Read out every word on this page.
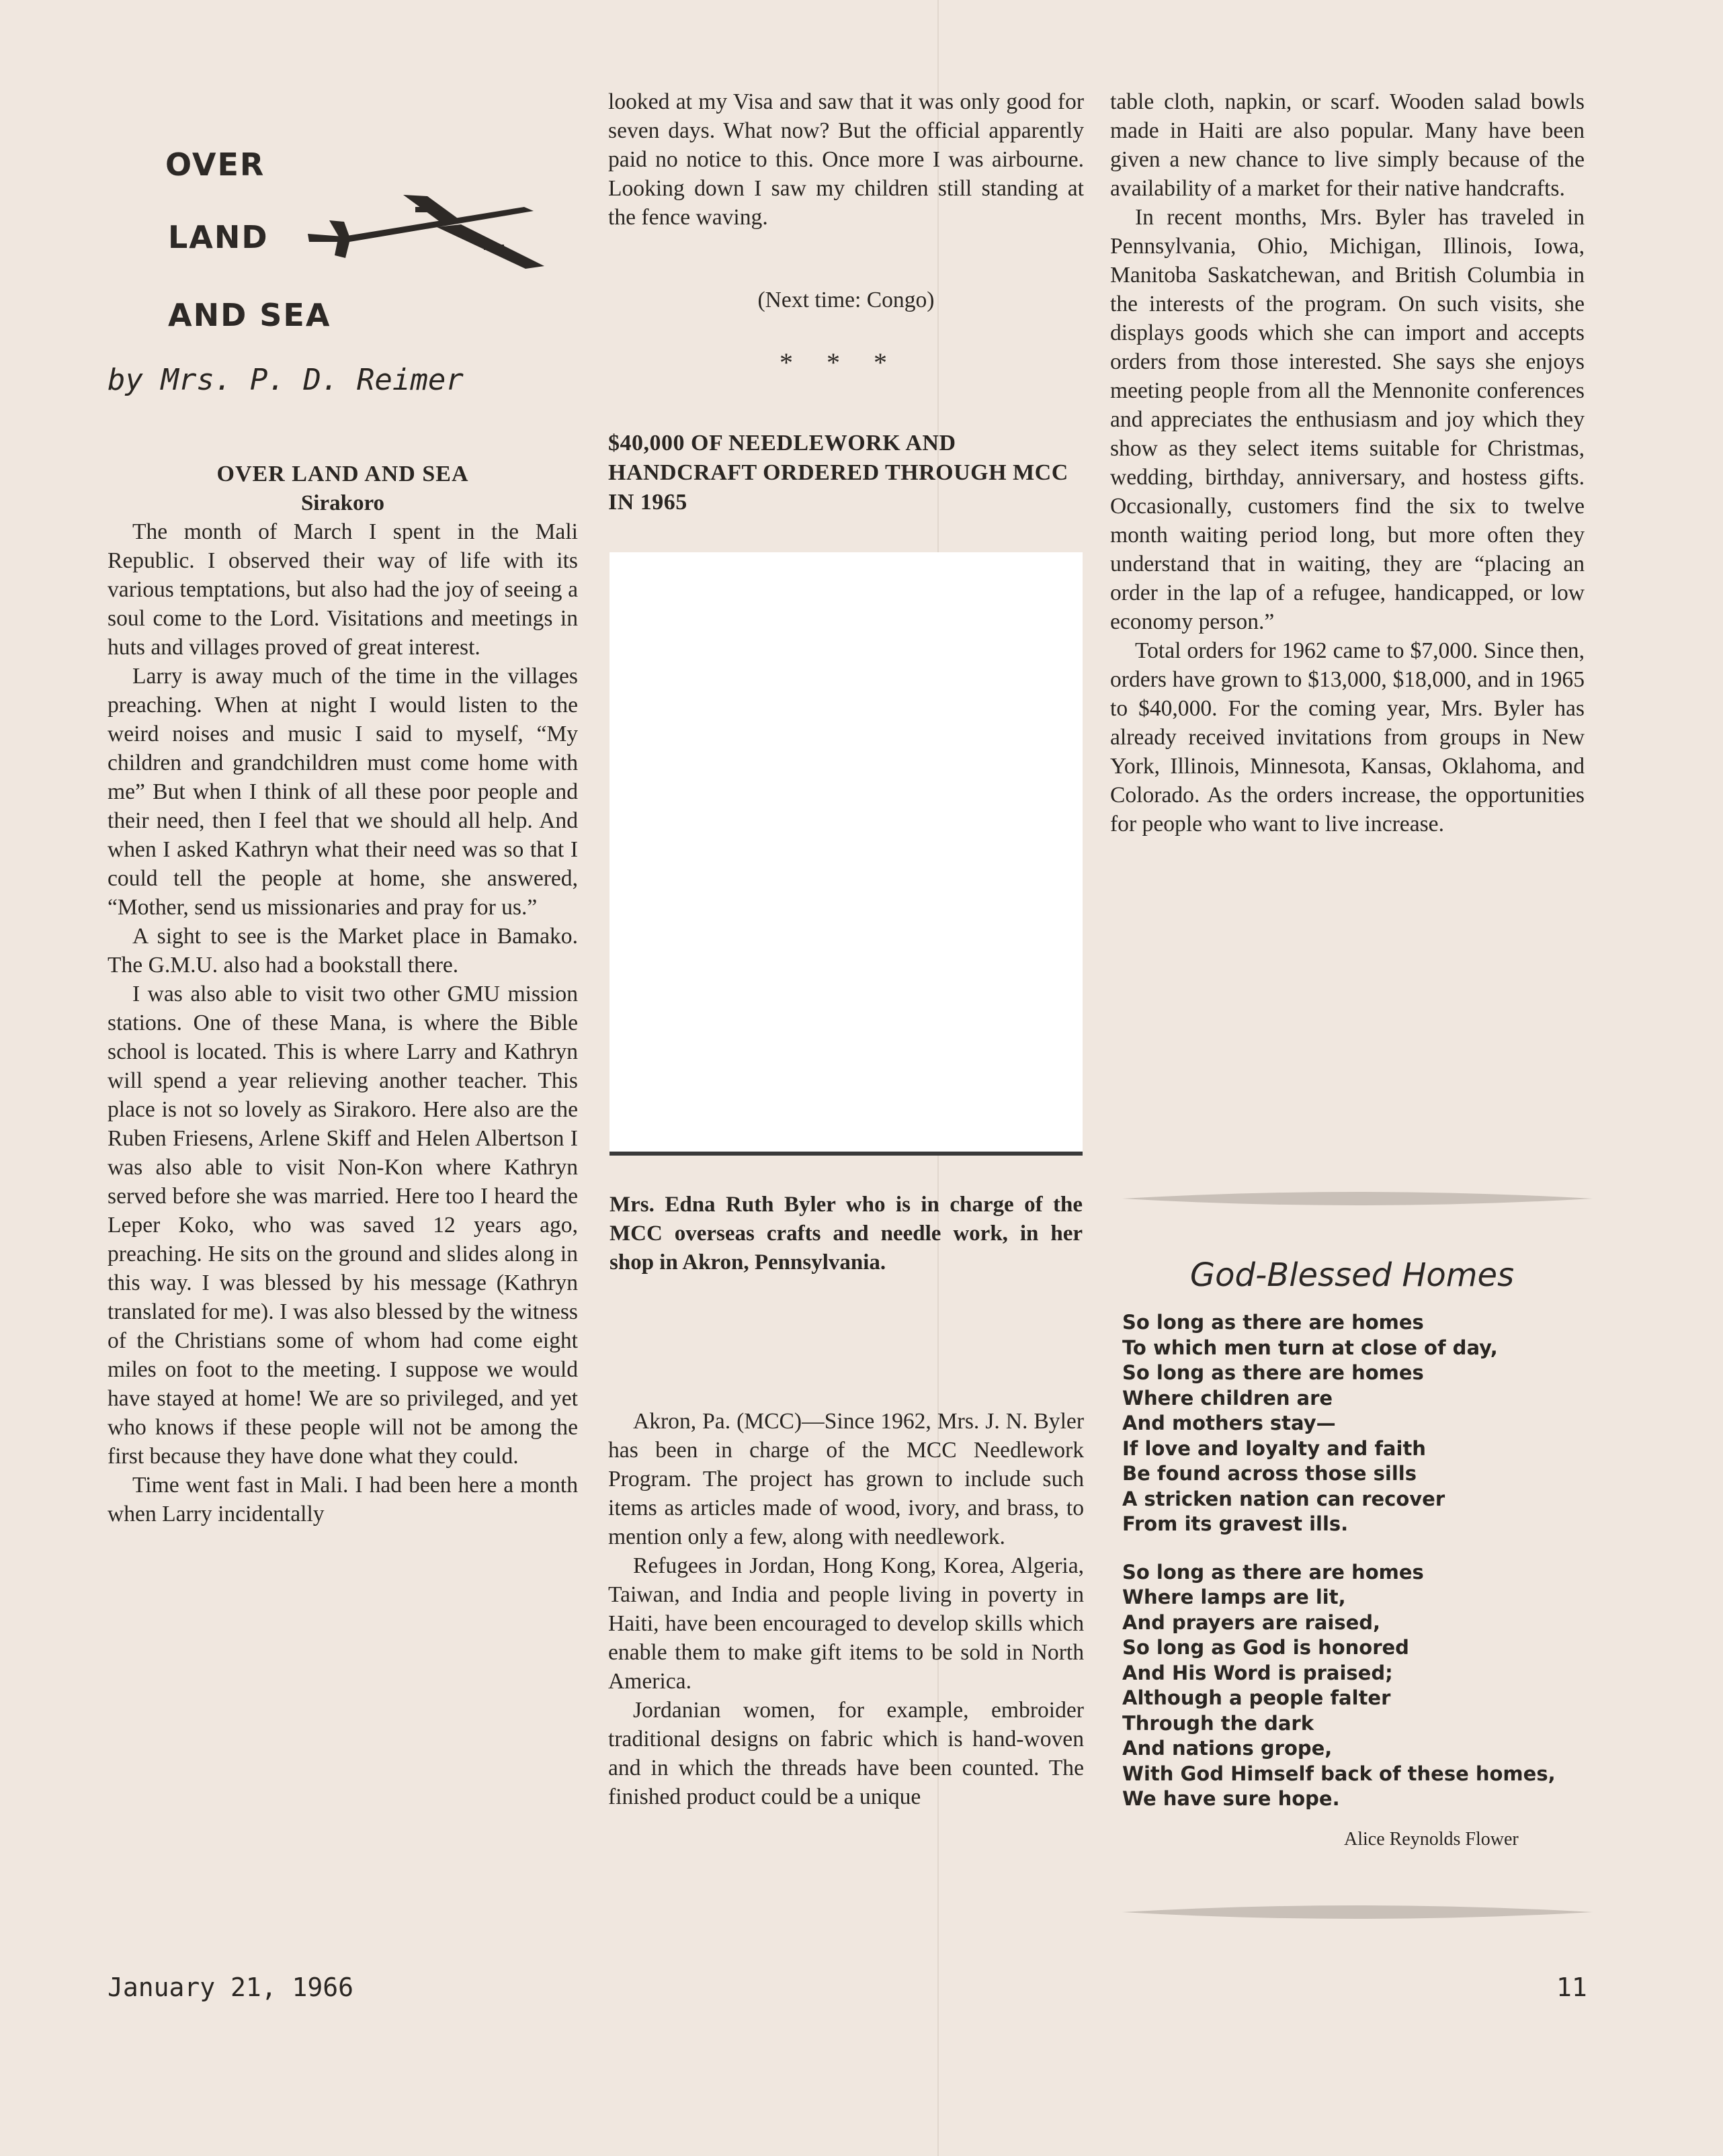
OVER
LAND
AND SEA
by Mrs. P. D. Reimer
OVER LAND AND SEA
Sirakoro

The month of March I spent in the Mali Republic. I observed their way of life with its various temptations, but also had the joy of seeing a soul come to the Lord. Visitations and meetings in huts and villages proved of great interest.

Larry is away much of the time in the villages preaching. When at night I would listen to the weird noises and music I said to myself, “My children and grandchildren must come home with me” But when I think of all these poor people and their need, then I feel that we should all help. And when I asked Kathryn what their need was so that I could tell the people at home, she answered, “Mother, send us missionaries and pray for us.”

A sight to see is the Market place in Bamako. The G.M.U. also had a bookstall there.

I was also able to visit two other GMU mission stations. One of these Mana, is where the Bible school is located. This is where Larry and Kathryn will spend a year relieving another teacher. This place is not so lovely as Sirakoro. Here also are the Ruben Friesens, Arlene Skiff and Helen Albertson I was also able to visit Non-Kon where Kathryn served before she was married. Here too I heard the Leper Koko, who was saved 12 years ago, preaching. He sits on the ground and slides along in this way. I was blessed by his message (Kathryn translated for me). I was also blessed by the witness of the Christians some of whom had come eight miles on foot to the meeting. I suppose we would have stayed at home! We are so privileged, and yet who knows if these people will not be among the first because they have done what they could.

Time went fast in Mali. I had been here a month when Larry incidentally

looked at my Visa and saw that it was only good for seven days. What now? But the official apparently paid no notice to this. Once more I was airbourne. Looking down I saw my children still standing at the fence waving.

(Next time: Congo)
* * *
$40,000 OF NEEDLEWORK AND HANDCRAFT ORDERED THROUGH MCC IN 1965
Mrs. Edna Ruth Byler who is in charge of the MCC overseas crafts and needle work, in her shop in Akron, Pennsylvania.

Akron, Pa. (MCC)—Since 1962, Mrs. J. N. Byler has been in charge of the MCC Needlework Program. The project has grown to include such items as articles made of wood, ivory, and brass, to mention only a few, along with needlework.

Refugees in Jordan, Hong Kong, Korea, Algeria, Taiwan, and India and people living in poverty in Haiti, have been encouraged to develop skills which enable them to make gift items to be sold in North America.

Jordanian women, for example, embroider traditional designs on fabric which is hand-woven and in which the threads have been counted. The finished product could be a unique

table cloth, napkin, or scarf. Wooden salad bowls made in Haiti are also popular. Many have been given a new chance to live simply because of the availability of a market for their native handcrafts.

In recent months, Mrs. Byler has traveled in Pennsylvania, Ohio, Michigan, Illinois, Iowa, Manitoba Saskatchewan, and British Columbia in the interests of the program. On such visits, she displays goods which she can import and accepts orders from those interested. She says she enjoys meeting people from all the Mennonite conferences and appreciates the enthusiasm and joy which they show as they select items suitable for Christmas, wedding, birthday, anniversary, and hostess gifts. Occasionally, customers find the six to twelve month waiting period long, but more often they understand that in waiting, they are “placing an order in the lap of a refugee, handicapped, or low economy person.”

Total orders for 1962 came to $7,000. Since then, orders have grown to $13,000, $18,000, and in 1965 to $40,000. For the coming year, Mrs. Byler has already received invitations from groups in New York, Illinois, Minnesota, Kansas, Oklahoma, and Colorado. As the orders increase, the opportunities for people who want to live increase.

God-Blessed Homes
So long as there are homes
To which men turn at close of day,
So long as there are homes
Where children are
And mothers stay—
If love and loyalty and faith
Be found across those sills
A stricken nation can recover
From its gravest ills.
So long as there are homes
Where lamps are lit,
And prayers are raised,
So long as God is honored
And His Word is praised;
Although a people falter
Through the dark
And nations grope,
With God Himself back of these homes,
We have sure hope.
Alice Reynolds Flower
January 21, 1966	11
